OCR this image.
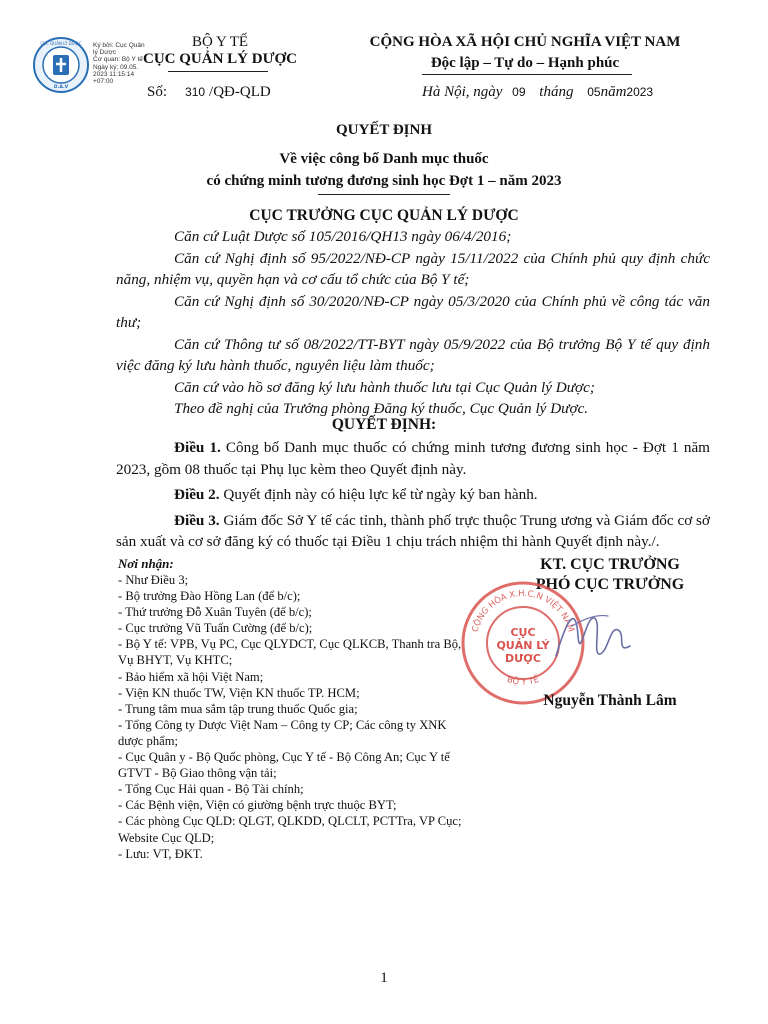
CỤC QUẢN LÝ DƯỢC
D.A.V
Ký bởi: Cục Quản
lý Dược
Cơ quan: Bộ Y tế
Ngày ký: 09.05.
2023 11:15:14
+07:00
BỘ Y TẾ
CỤC QUẢN LÝ DƯỢC
CỘNG HÒA XÃ HỘI CHỦ NGHĨA VIỆT NAM
Độc lập – Tự do – Hạnh phúc
Số: 310 /QĐ-QLD	Hà Nội, ngày 09 tháng 05năm2023
QUYẾT ĐỊNH
Về việc công bố Danh mục thuốc
có chứng minh tương đương sinh học Đợt 1 – năm 2023
CỤC TRƯỞNG CỤC QUẢN LÝ DƯỢC

Căn cứ Luật Dược số 105/2016/QH13 ngày 06/4/2016;

Căn cứ Nghị định số 95/2022/NĐ-CP ngày 15/11/2022 của Chính phủ quy định chức năng, nhiệm vụ, quyền hạn và cơ cấu tổ chức của Bộ Y tế;

Căn cứ Nghị định số 30/2020/NĐ-CP ngày 05/3/2020 của Chính phủ về công tác văn thư;

Căn cứ Thông tư số 08/2022/TT-BYT ngày 05/9/2022 của Bộ trưởng Bộ Y tế quy định việc đăng ký lưu hành thuốc, nguyên liệu làm thuốc;

Căn cứ vào hồ sơ đăng ký lưu hành thuốc lưu tại Cục Quản lý Dược;

Theo đề nghị của Trưởng phòng Đăng ký thuốc, Cục Quản lý Dược.

QUYẾT ĐỊNH:

Điều 1. Công bố Danh mục thuốc có chứng minh tương đương sinh học - Đợt 1 năm 2023, gồm 08 thuốc tại Phụ lục kèm theo Quyết định này.

Điều 2. Quyết định này có hiệu lực kể từ ngày ký ban hành.

Điều 3. Giám đốc Sở Y tế các tỉnh, thành phố trực thuộc Trung ương và Giám đốc cơ sở sản xuất và cơ sở đăng ký có thuốc tại Điều 1 chịu trách nhiệm thi hành Quyết định này./.

Nơi nhận:
- Như Điều 3;
- Bộ trưởng Đào Hồng Lan (để b/c);
- Thứ trưởng Đỗ Xuân Tuyên (để b/c);
- Cục trưởng Vũ Tuấn Cường (để b/c);
- Bộ Y tế: VPB, Vụ PC, Cục QLYDCT, Cục QLKCB, Thanh tra Bộ, Vụ BHYT, Vụ KHTC;
- Bảo hiểm xã hội Việt Nam;
- Viện KN thuốc TW, Viện KN thuốc TP. HCM;
- Trung tâm mua sắm tập trung thuốc Quốc gia;
- Tổng Công ty Dược Việt Nam – Công ty CP; Các công ty XNK dược phẩm;
- Cục Quân y - Bộ Quốc phòng, Cục Y tế - Bộ Công An; Cục Y tế GTVT - Bộ Giao thông vận tải;
- Tổng Cục Hải quan - Bộ Tài chính;
- Các Bệnh viện, Viện có giường bệnh trực thuộc BYT;
- Các phòng Cục QLD: QLGT, QLKDD, QLCLT, PCTTra, VP Cục; Website Cục QLD;
- Lưu: VT, ĐKT.
KT. CỤC TRƯỞNG
PHÓ CỤC TRƯỞNG
CỘNG HÒA X.H.C.N VIỆT NAM
BỘ Y TẾ
CỤC
QUẢN LÝ
DƯỢC
Nguyễn Thành Lâm
1
